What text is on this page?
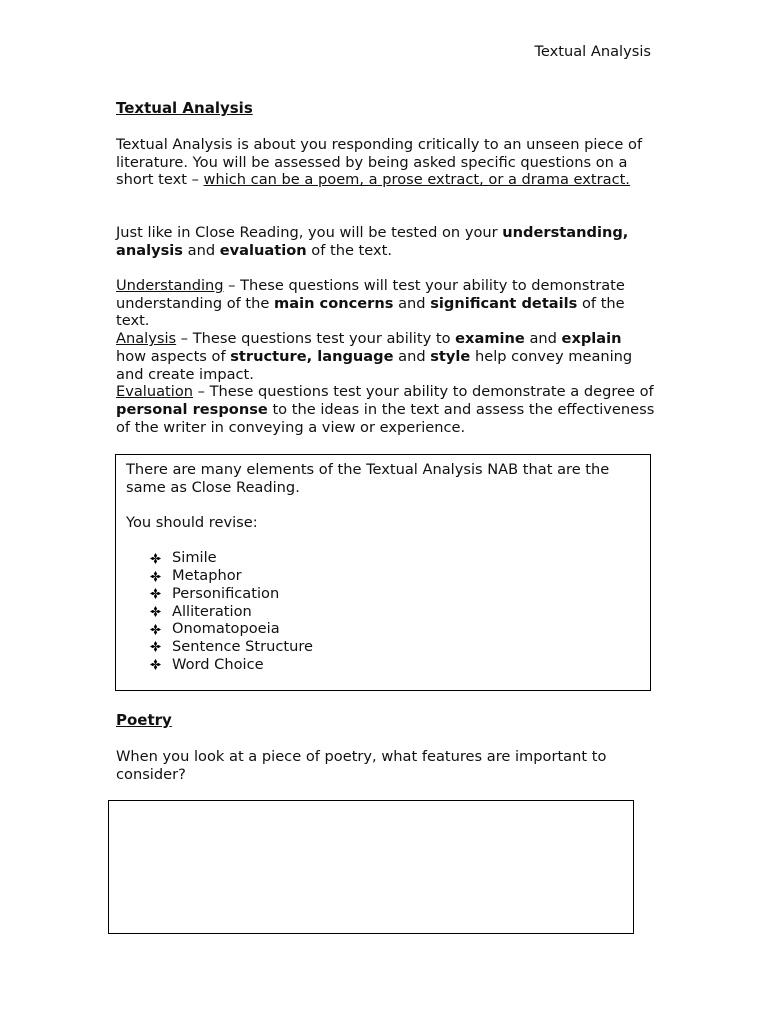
Textual Analysis

Textual Analysis

Textual Analysis is about you responding critically to an unseen piece of literature. You will be assessed by being asked specific questions on a short text – which can be a poem, a prose extract, or a drama extract.

Just like in Close Reading, you will be tested on your understanding, analysis and evaluation of the text.

Understanding – These questions will test your ability to demonstrate understanding of the main concerns and significant details of the text.

Analysis – These questions test your ability to examine and explain how aspects of structure, language and style help convey meaning and create impact.

Evaluation – These questions test your ability to demonstrate a degree of personal response to the ideas in the text and assess the effectiveness of the writer in conveying a view or experience.

There are many elements of the Textual Analysis NAB that are the same as Close Reading.

You should revise:

Simile
Metaphor
Personification
Alliteration
Onomatopoeia
Sentence Structure
Word Choice
Poetry

When you look at a piece of poetry, what features are important to consider?
